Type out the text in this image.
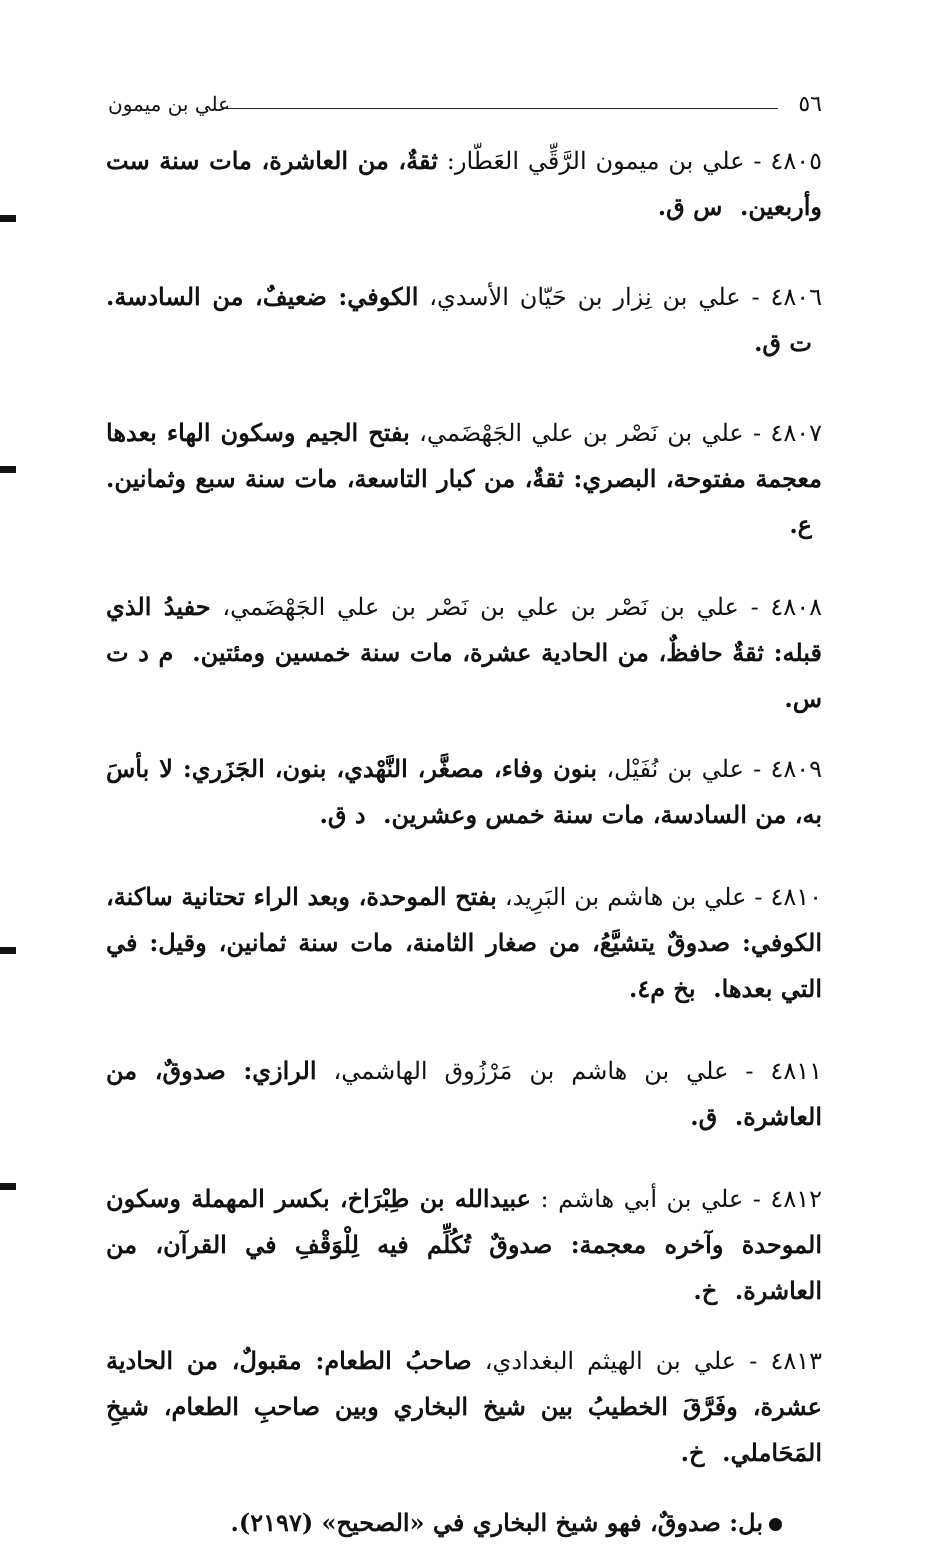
٥٦
علي بن ميمون

٤٨٠٥ - علي بن ميمون الرَّقِّي العَطّار: ثقةٌ، من العاشرة، مات سنة ست وأربعين. س ق.

٤٨٠٦ - علي بن نِزار بن حَيّان الأسدي، الكوفي: ضعيفٌ، من السادسة. ت ق.

٤٨٠٧ - علي بن نَصْر بن علي الجَهْضَمي، بفتح الجيم وسكون الهاء بعدها معجمة مفتوحة، البصري: ثقةٌ، من كبار التاسعة، مات سنة سبع وثمانين. ع.

٤٨٠٨ - علي بن نَصْر بن علي بن نَصْر بن علي الجَهْضَمي، حفيدُ الذي قبله: ثقةٌ حافظٌ، من الحادية عشرة، مات سنة خمسين ومئتين. م د ت س.

٤٨٠٩ - علي بن نُفَيْل، بنون وفاء، مصغَّر، النَّهْدي، بنون، الجَزَري: لا بأسَ به، من السادسة، مات سنة خمس وعشرين. د ق.

٤٨١٠ - علي بن هاشم بن البَرِيد، بفتح الموحدة، وبعد الراء تحتانية ساكنة، الكوفي: صدوقٌ يتشيَّعُ، من صغار الثامنة، مات سنة ثمانين، وقيل: في التي بعدها. بخ م٤.

٤٨١١ - علي بن هاشم بن مَرْزُوق الهاشمي، الرازي: صدوقٌ، من العاشرة. ق.

٤٨١٢ - علي بن أبي هاشم : عبيدالله بن طِبْرَاخ، بكسر المهملة وسكون الموحدة وآخره معجمة: صدوقٌ تُكُلِّم فيه لِلْوَقْفِ في القرآن، من العاشرة. خ.

٤٨١٣ - علي بن الهيثم البغدادي، صاحبُ الطعام: مقبولٌ، من الحادية عشرة، وفَرَّقَ الخطيبُ بين شيخ البخاري وبين صاحبِ الطعام، شيخِ المَحَاملي. خ.

بل: صدوقٌ، فهو شيخ البخاري في «الصحيح» (٢١٩٧).
